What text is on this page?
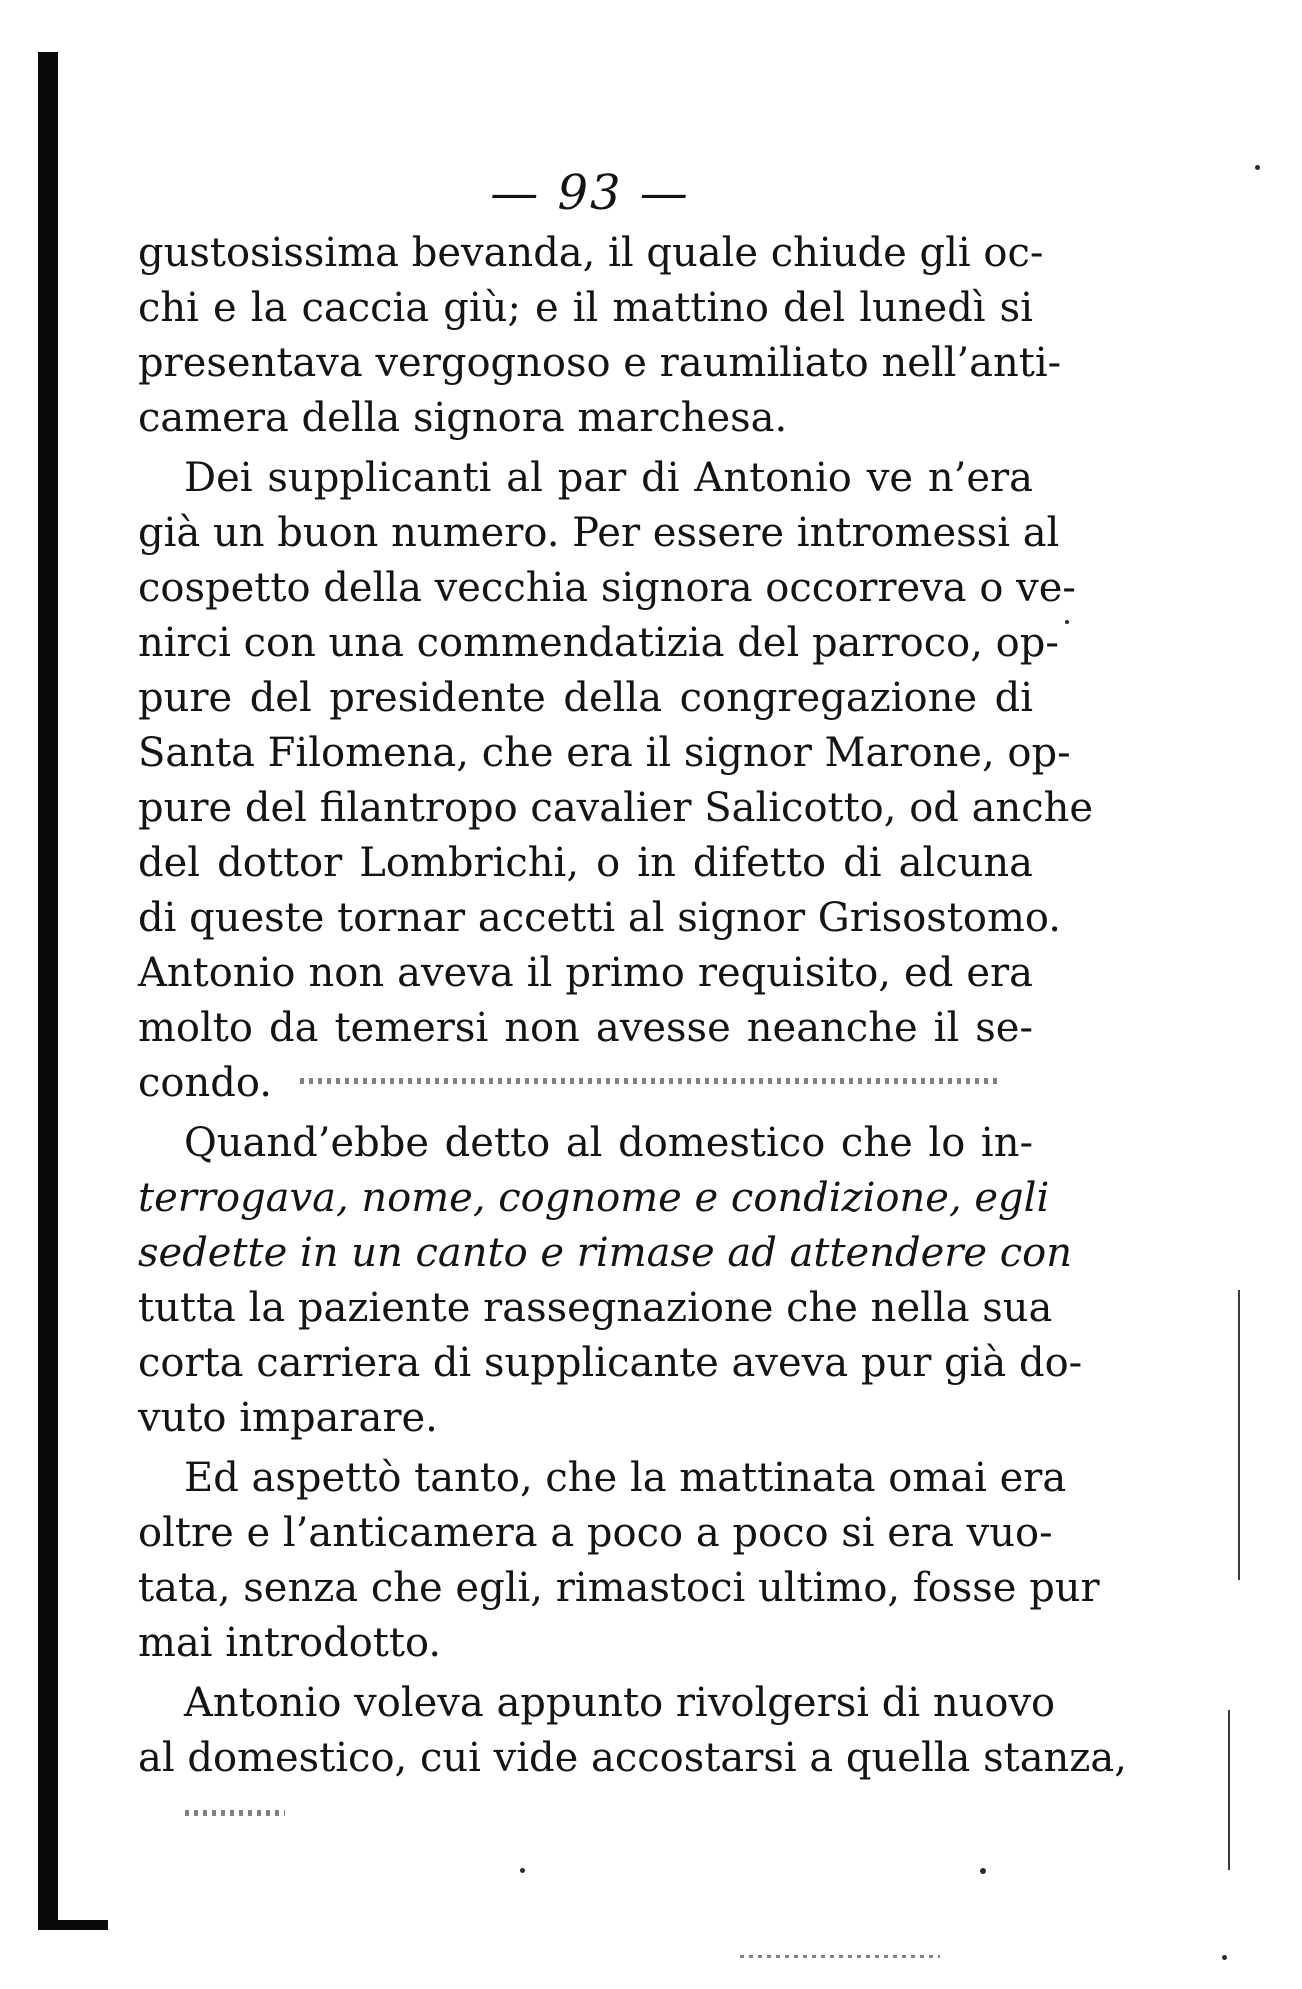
— 93 —
gustosissima bevanda, il quale chiude gli oc-
chi e la caccia giù; e il mattino del lunedì si
presentava vergognoso e raumiliato nell’anti-
camera della signora marchesa.
Dei supplicanti al par di Antonio ve n’era
già un buon numero. Per essere intromessi al
cospetto della vecchia signora occorreva o ve-
nirci con una commendatizia del parroco, op-
pure del presidente della congregazione di
Santa Filomena, che era il signor Marone, op-
pure del filantropo cavalier Salicotto, od anche
del dottor Lombrichi, o in difetto di alcuna
di queste tornar accetti al signor Grisostomo.
Antonio non aveva il primo requisito, ed era
molto da temersi non avesse neanche il se-
condo.
Quand’ebbe detto al domestico che lo in-
terrogava, nome, cognome e condizione, egli
sedette in un canto e rimase ad attendere con
tutta la paziente rassegnazione che nella sua
corta carriera di supplicante aveva pur già do-
vuto imparare.
Ed aspettò tanto, che la mattinata omai era
oltre e l’anticamera a poco a poco si era vuo-
tata, senza che egli, rimastoci ultimo, fosse pur
mai introdotto.
Antonio voleva appunto rivolgersi di nuovo
al domestico, cui vide accostarsi a quella stanza,
